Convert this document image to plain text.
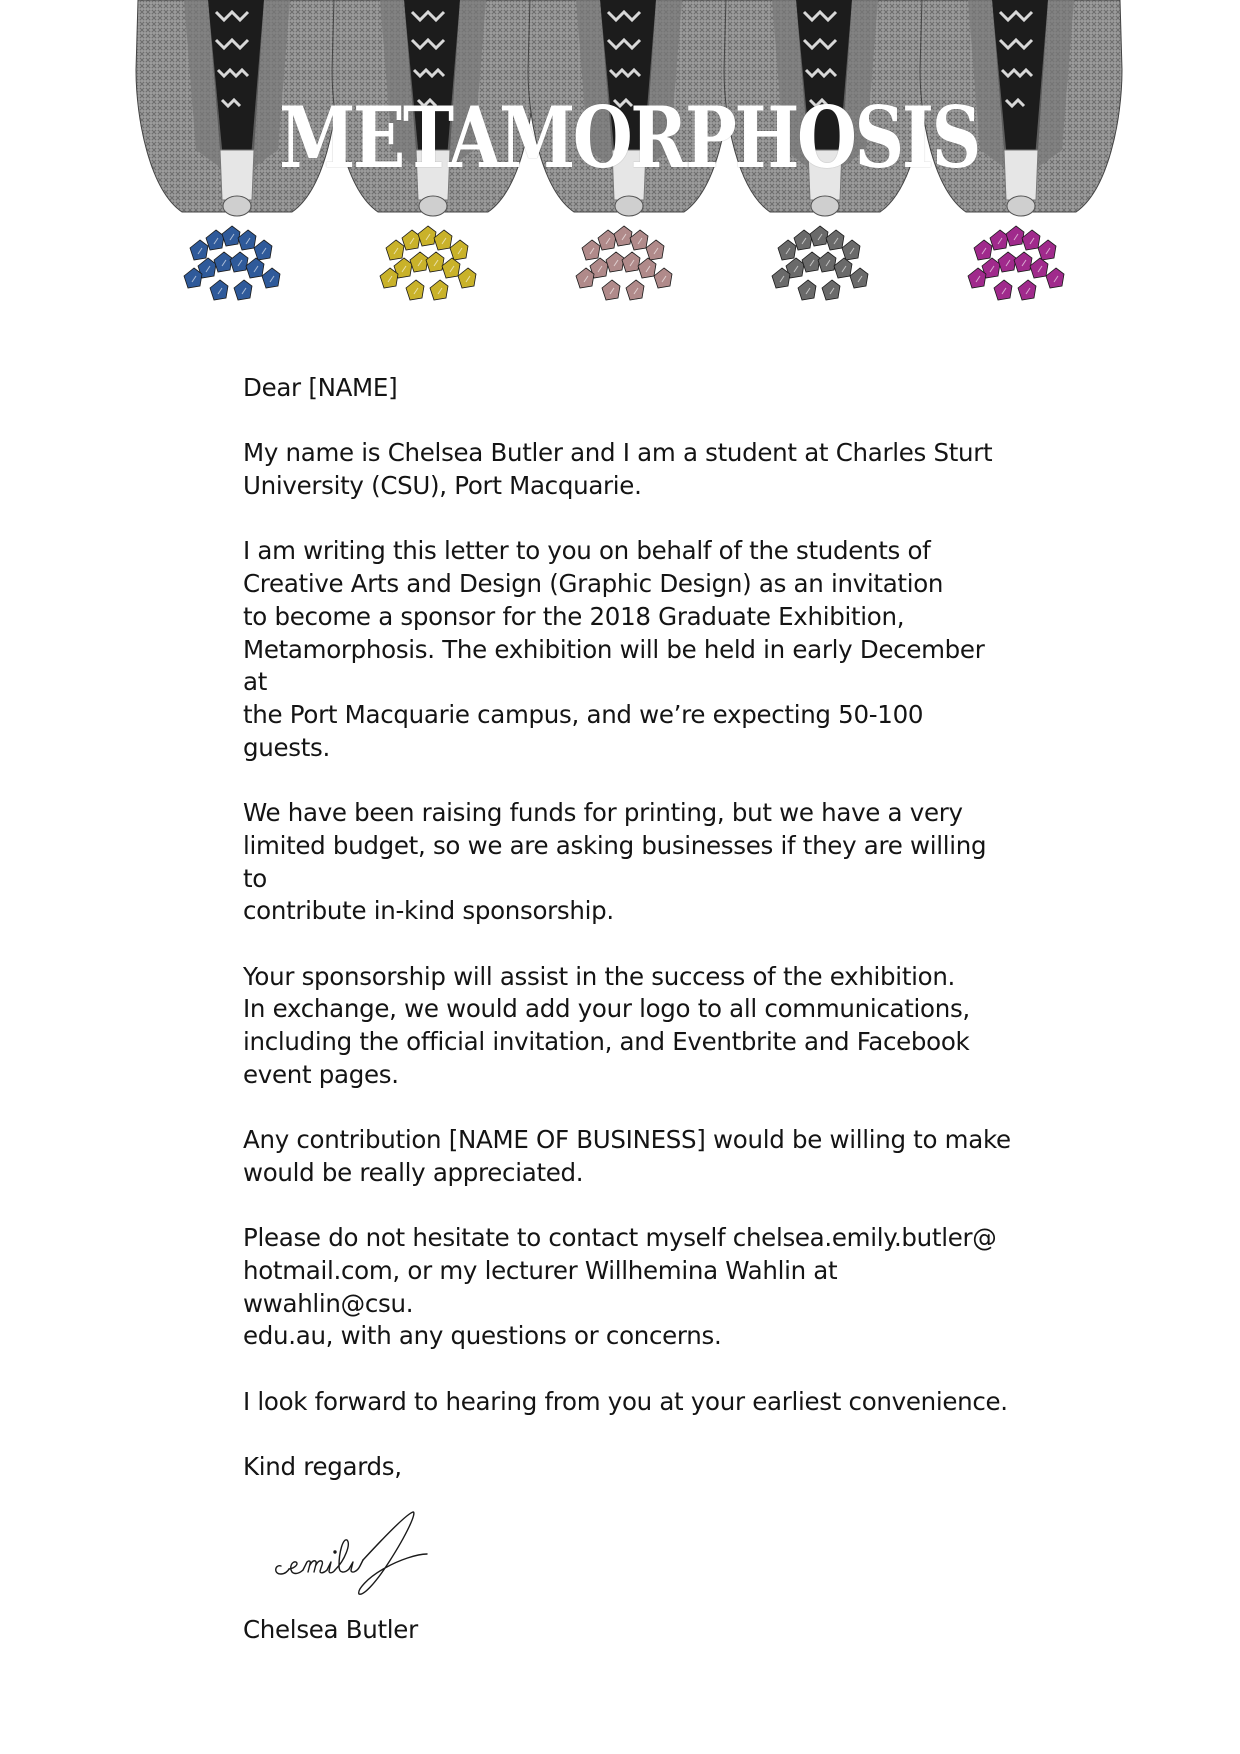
METAMORPHOSIS

Dear [NAME]

My name is Chelsea Butler and I am a student at Charles Sturt
University (CSU), Port Macquarie.

I am writing this letter to you on behalf of the students of
Creative Arts and Design (Graphic Design) as an invitation
to become a sponsor for the 2018 Graduate Exhibition,
Metamorphosis. The exhibition will be held in early December at
the Port Macquarie campus, and we’re expecting 50-100 guests.

We have been raising funds for printing, but we have a very
limited budget, so we are asking businesses if they are willing to
contribute in-kind sponsorship.

Your sponsorship will assist in the success of the exhibition.
In exchange, we would add your logo to all communications,
including the official invitation, and Eventbrite and Facebook
event pages.

Any contribution [NAME OF BUSINESS] would be willing to make
would be really appreciated.

Please do not hesitate to contact myself chelsea.emily.butler@
hotmail.com, or my lecturer Willhemina Wahlin at wwahlin@csu.
edu.au, with any questions or concerns.

I look forward to hearing from you at your earliest convenience.

Kind regards,

Chelsea Butler
